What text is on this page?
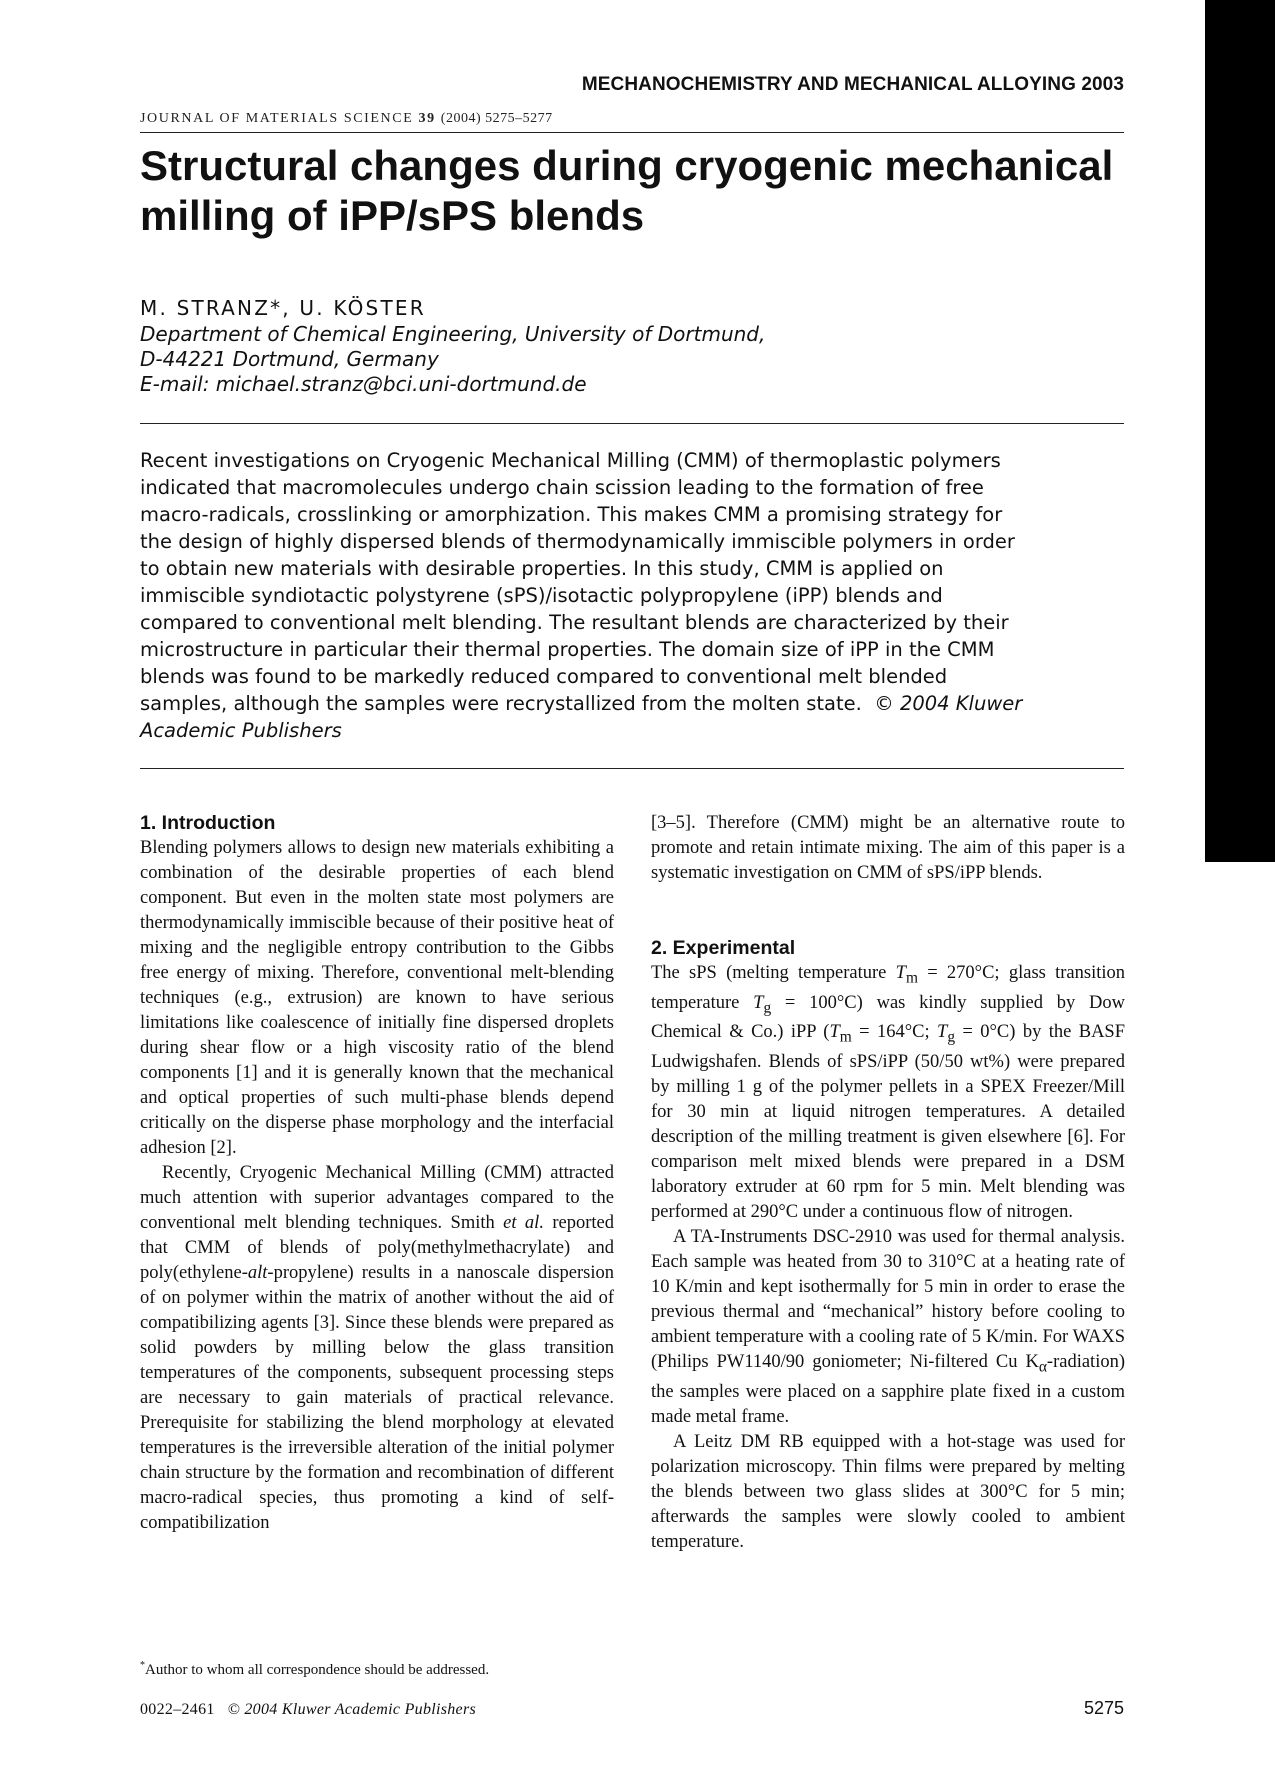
MECHANOCHEMISTRY AND MECHANICAL ALLOYING 2003
JOURNAL OF MATERIALS SCIENCE 39 (2004) 5275–5277
Structural changes during cryogenic mechanical
milling of iPP/sPS blends
M. STRANZ*, U. KÖSTER
Department of Chemical Engineering, University of Dortmund,
D-44221 Dortmund, Germany
E-mail: michael.stranz@bci.uni-dortmund.de
Recent investigations on Cryogenic Mechanical Milling (CMM) of thermoplastic polymers
indicated that macromolecules undergo chain scission leading to the formation of free
macro-radicals, crosslinking or amorphization. This makes CMM a promising strategy for
the design of highly dispersed blends of thermodynamically immiscible polymers in order
to obtain new materials with desirable properties. In this study, CMM is applied on
immiscible syndiotactic polystyrene (sPS)/isotactic polypropylene (iPP) blends and
compared to conventional melt blending. The resultant blends are characterized by their
microstructure in particular their thermal properties. The domain size of iPP in the CMM
blends was found to be markedly reduced compared to conventional melt blended
samples, although the samples were recrystallized from the molten state. © 2004 Kluwer
Academic Publishers
1. Introduction

Blending polymers allows to design new materials exhibiting a combination of the desirable properties of each blend component. But even in the molten state most polymers are thermodynamically immiscible because of their positive heat of mixing and the negligible entropy contribution to the Gibbs free energy of mixing. Therefore, conventional melt-blending techniques (e.g., extrusion) are known to have serious limitations like coalescence of initially fine dispersed droplets during shear flow or a high viscosity ratio of the blend components [1] and it is generally known that the mechanical and optical properties of such multi-phase blends depend critically on the disperse phase morphology and the interfacial adhesion [2].

Recently, Cryogenic Mechanical Milling (CMM) attracted much attention with superior advantages compared to the conventional melt blending techniques. Smith et al. reported that CMM of blends of poly(methylmethacrylate) and poly(ethylene-alt-propylene) results in a nanoscale dispersion of on polymer within the matrix of another without the aid of compatibilizing agents [3]. Since these blends were prepared as solid powders by milling below the glass transition temperatures of the components, subsequent processing steps are necessary to gain materials of practical relevance. Prerequisite for stabilizing the blend morphology at elevated temperatures is the irreversible alteration of the initial polymer chain structure by the formation and recombination of different macro-radical species, thus promoting a kind of self-compatibilization

[3–5]. Therefore (CMM) might be an alternative route to promote and retain intimate mixing. The aim of this paper is a systematic investigation on CMM of sPS/iPP blends.

2. Experimental

The sPS (melting temperature $T_m = 270^\circ C$; glass transition temperature $T_g = 100^\circ C$) was kindly supplied by Dow Chemical & Co.) iPP ($T_m = 164^\circ C$; $T_g = 0^\circ C$) by the BASF Ludwigshafen. Blends of sPS/iPP (50/50 wt%) were prepared by milling 1 g of the polymer pellets in a SPEX Freezer/Mill for 30 min at liquid nitrogen temperatures. A detailed description of the milling treatment is given elsewhere [6]. For comparison melt mixed blends were prepared in a DSM laboratory extruder at 60 rpm for 5 min. Melt blending was performed at 290°C under a continuous flow of nitrogen.

A TA-Instruments DSC-2910 was used for thermal analysis. Each sample was heated from 30 to 310°C at a heating rate of 10 K/min and kept isothermally for 5 min in order to erase the previous thermal and “mechanical” history before cooling to ambient temperature with a cooling rate of 5 K/min. For WAXS (Philips PW1140/90 goniometer; Ni-filtered Cu $K_\alpha-radiation$) the samples were placed on a sapphire plate fixed in a custom made metal frame.

A Leitz DM RB equipped with a hot-stage was used for polarization microscopy. Thin films were prepared by melting the blends between two glass slides at 300°C for 5 min; afterwards the samples were slowly cooled to ambient temperature.

*Author to whom all correspondence should be addressed.
0022–2461 © 2004 Kluwer Academic Publishers	5275
